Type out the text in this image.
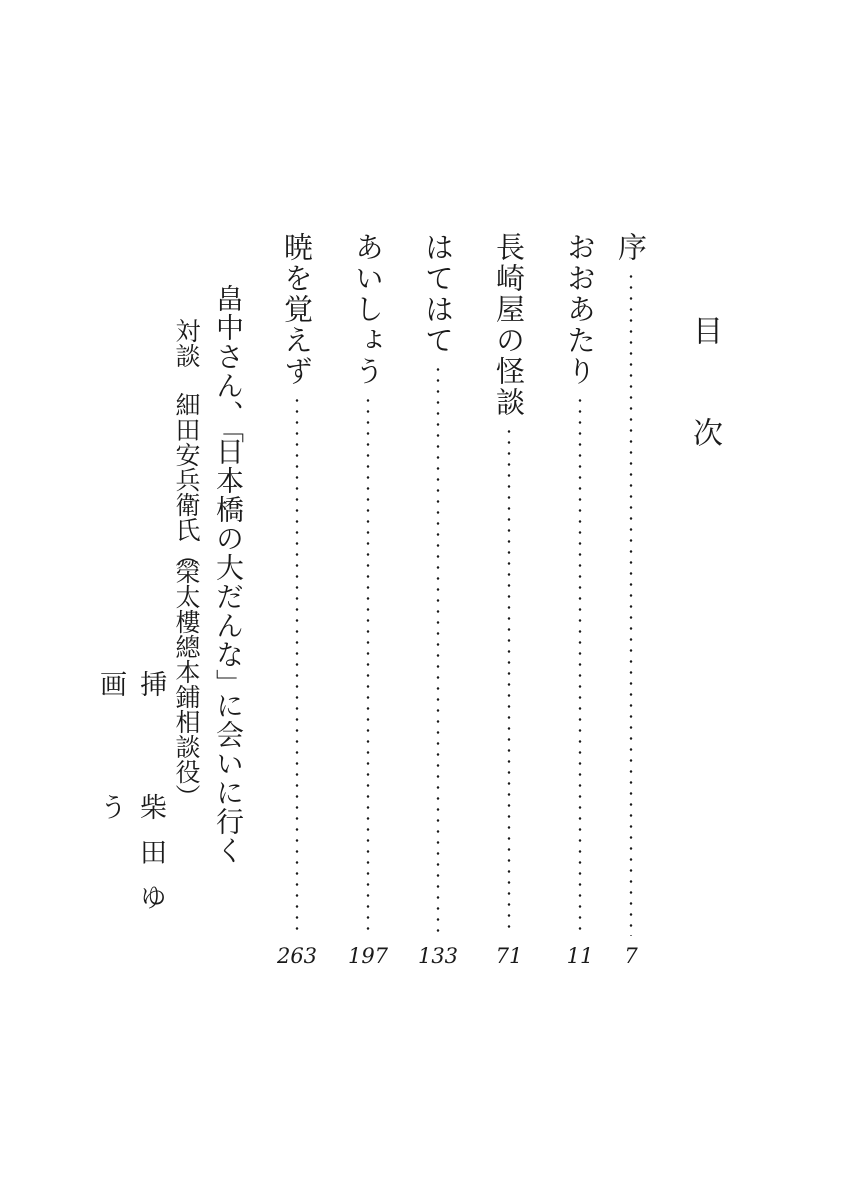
目次
序
7
おおあたり
11
長崎屋の怪談
71
はてはて
133
あいしょう
197
暁を覚えず
263
畠中さん、「日本橋の大だんな」に会いに行く
対談細田安兵衛氏（榮太樓總本鋪相談役）
挿画
柴田ゆう
